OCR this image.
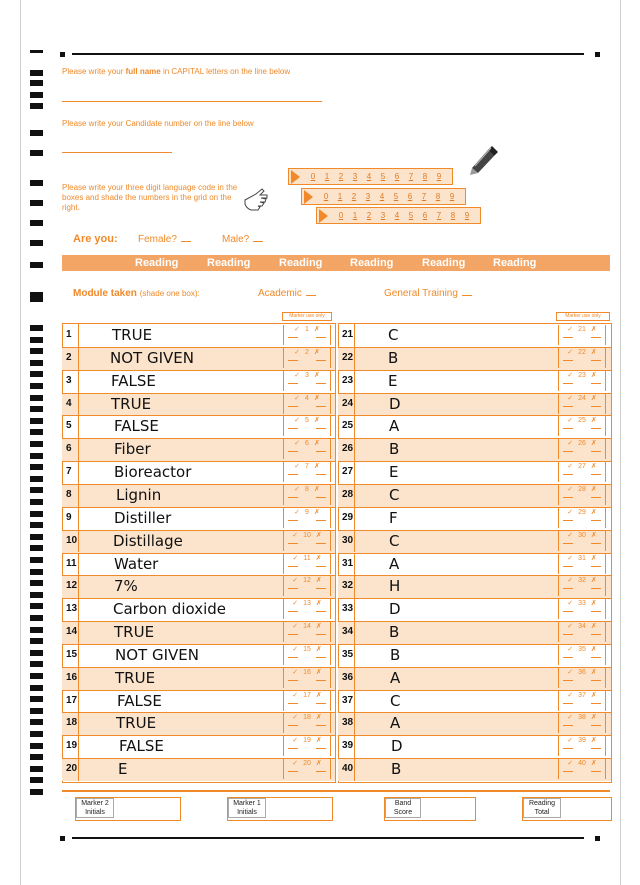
Please write your full name in CAPITAL letters on the line below
Please write your Candidate number on the line below
Please write your three digit language code in the boxes and shade the numbers in the grid on the right.
0	1	2	3	4	5	6	7	8	9
0	1	2	3	4	5	6	7	8	9
0	1	2	3	4	5	6	7	8	9
Are you: Female?	Male?
Reading	Reading	Reading	Reading	Reading	Reading
Module taken (shade one box):	Academic	General Training
Marker use only	Marker use only
1	TRUE	✓ 1 ✗	21 C	✓ 21 ✗
2	NOT GIVEN	✓ 2 ✗	22 B	✓ 22 ✗
3	FALSE	✓ 3 ✗	23 E	✓ 23 ✗
4	TRUE	✓ 4 ✗	24 D	✓ 24 ✗
5	FALSE	✓ 5 ✗	25 A	✓ 25 ✗
6	Fiber	✓ 6 ✗	26 B	✓ 26 ✗
7	Bioreactor	✓ 7 ✗	27 E	✓ 27 ✗
8	Lignin	✓ 8 ✗	28 C	✓ 28 ✗
9	Distiller	✓ 9 ✗	29 F	✓ 29 ✗
10 Distillage	✓ 10 ✗	30 C	✓ 30 ✗
11 Water	✓ 11 ✗	31 A	✓ 31 ✗
12 7%	✓ 12 ✗	32 H	✓ 32 ✗
13 Carbon dioxide	✓ 13 ✗	33 D	✓ 33 ✗
14 TRUE	✓ 14 ✗	34 B	✓ 34 ✗
15	NOT GIVEN	✓ 15 ✗	35 B	✓ 35 ✗
16	TRUE	✓ 16 ✗	36 A	✓ 36 ✗
17	FALSE	✓ 17 ✗	37 C	✓ 37 ✗
18	TRUE	✓ 18 ✗	38 A	✓ 38 ✗
19	FALSE	✓ 19 ✗	39	D	✓ 39 ✗
20	E	✓ 20 ✗	40	B	✓ 40 ✗
Marker 2 Initials
Marker 1 Initials
Band Score
Reading Total
